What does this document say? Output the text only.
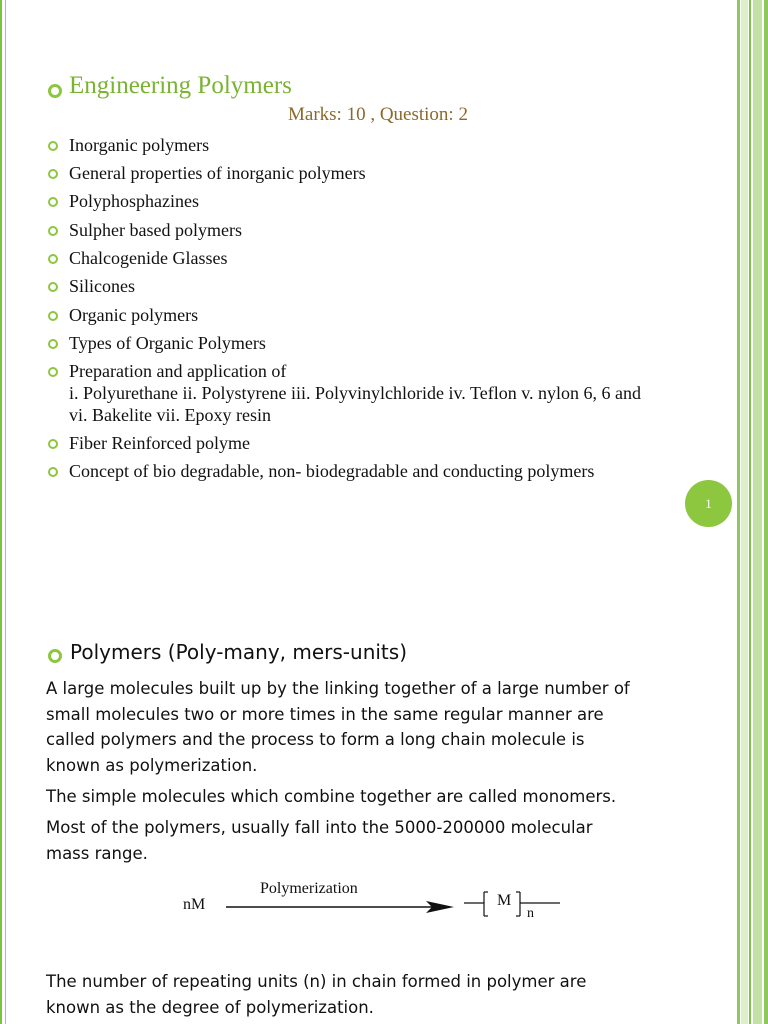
Engineering Polymers
Marks: 10 , Question: 2
Inorganic polymers
General properties of inorganic polymers
Polyphosphazines
Sulpher based polymers
Chalcogenide Glasses
Silicones
Organic polymers
Types of Organic Polymers
Preparation and application of
i. Polyurethane ii. Polystyrene iii. Polyvinylchloride iv. Teflon v. nylon 6, 6 and
vi. Bakelite vii. Epoxy resin
Fiber Reinforced polyme
Concept of bio degradable, non- biodegradable and conducting polymers
1
Polymers (Poly-many, mers-units)
A large molecules built up by the linking together of a large number of
small molecules two or more times in the same regular manner are
called polymers and the process to form a long chain molecule is
known as polymerization.
The simple molecules which combine together are called monomers.
Most of the polymers, usually fall into the 5000-200000 molecular
mass range.
nM
Polymerization
M
n
The number of repeating units (n) in chain formed in polymer are
known as the degree of polymerization.
